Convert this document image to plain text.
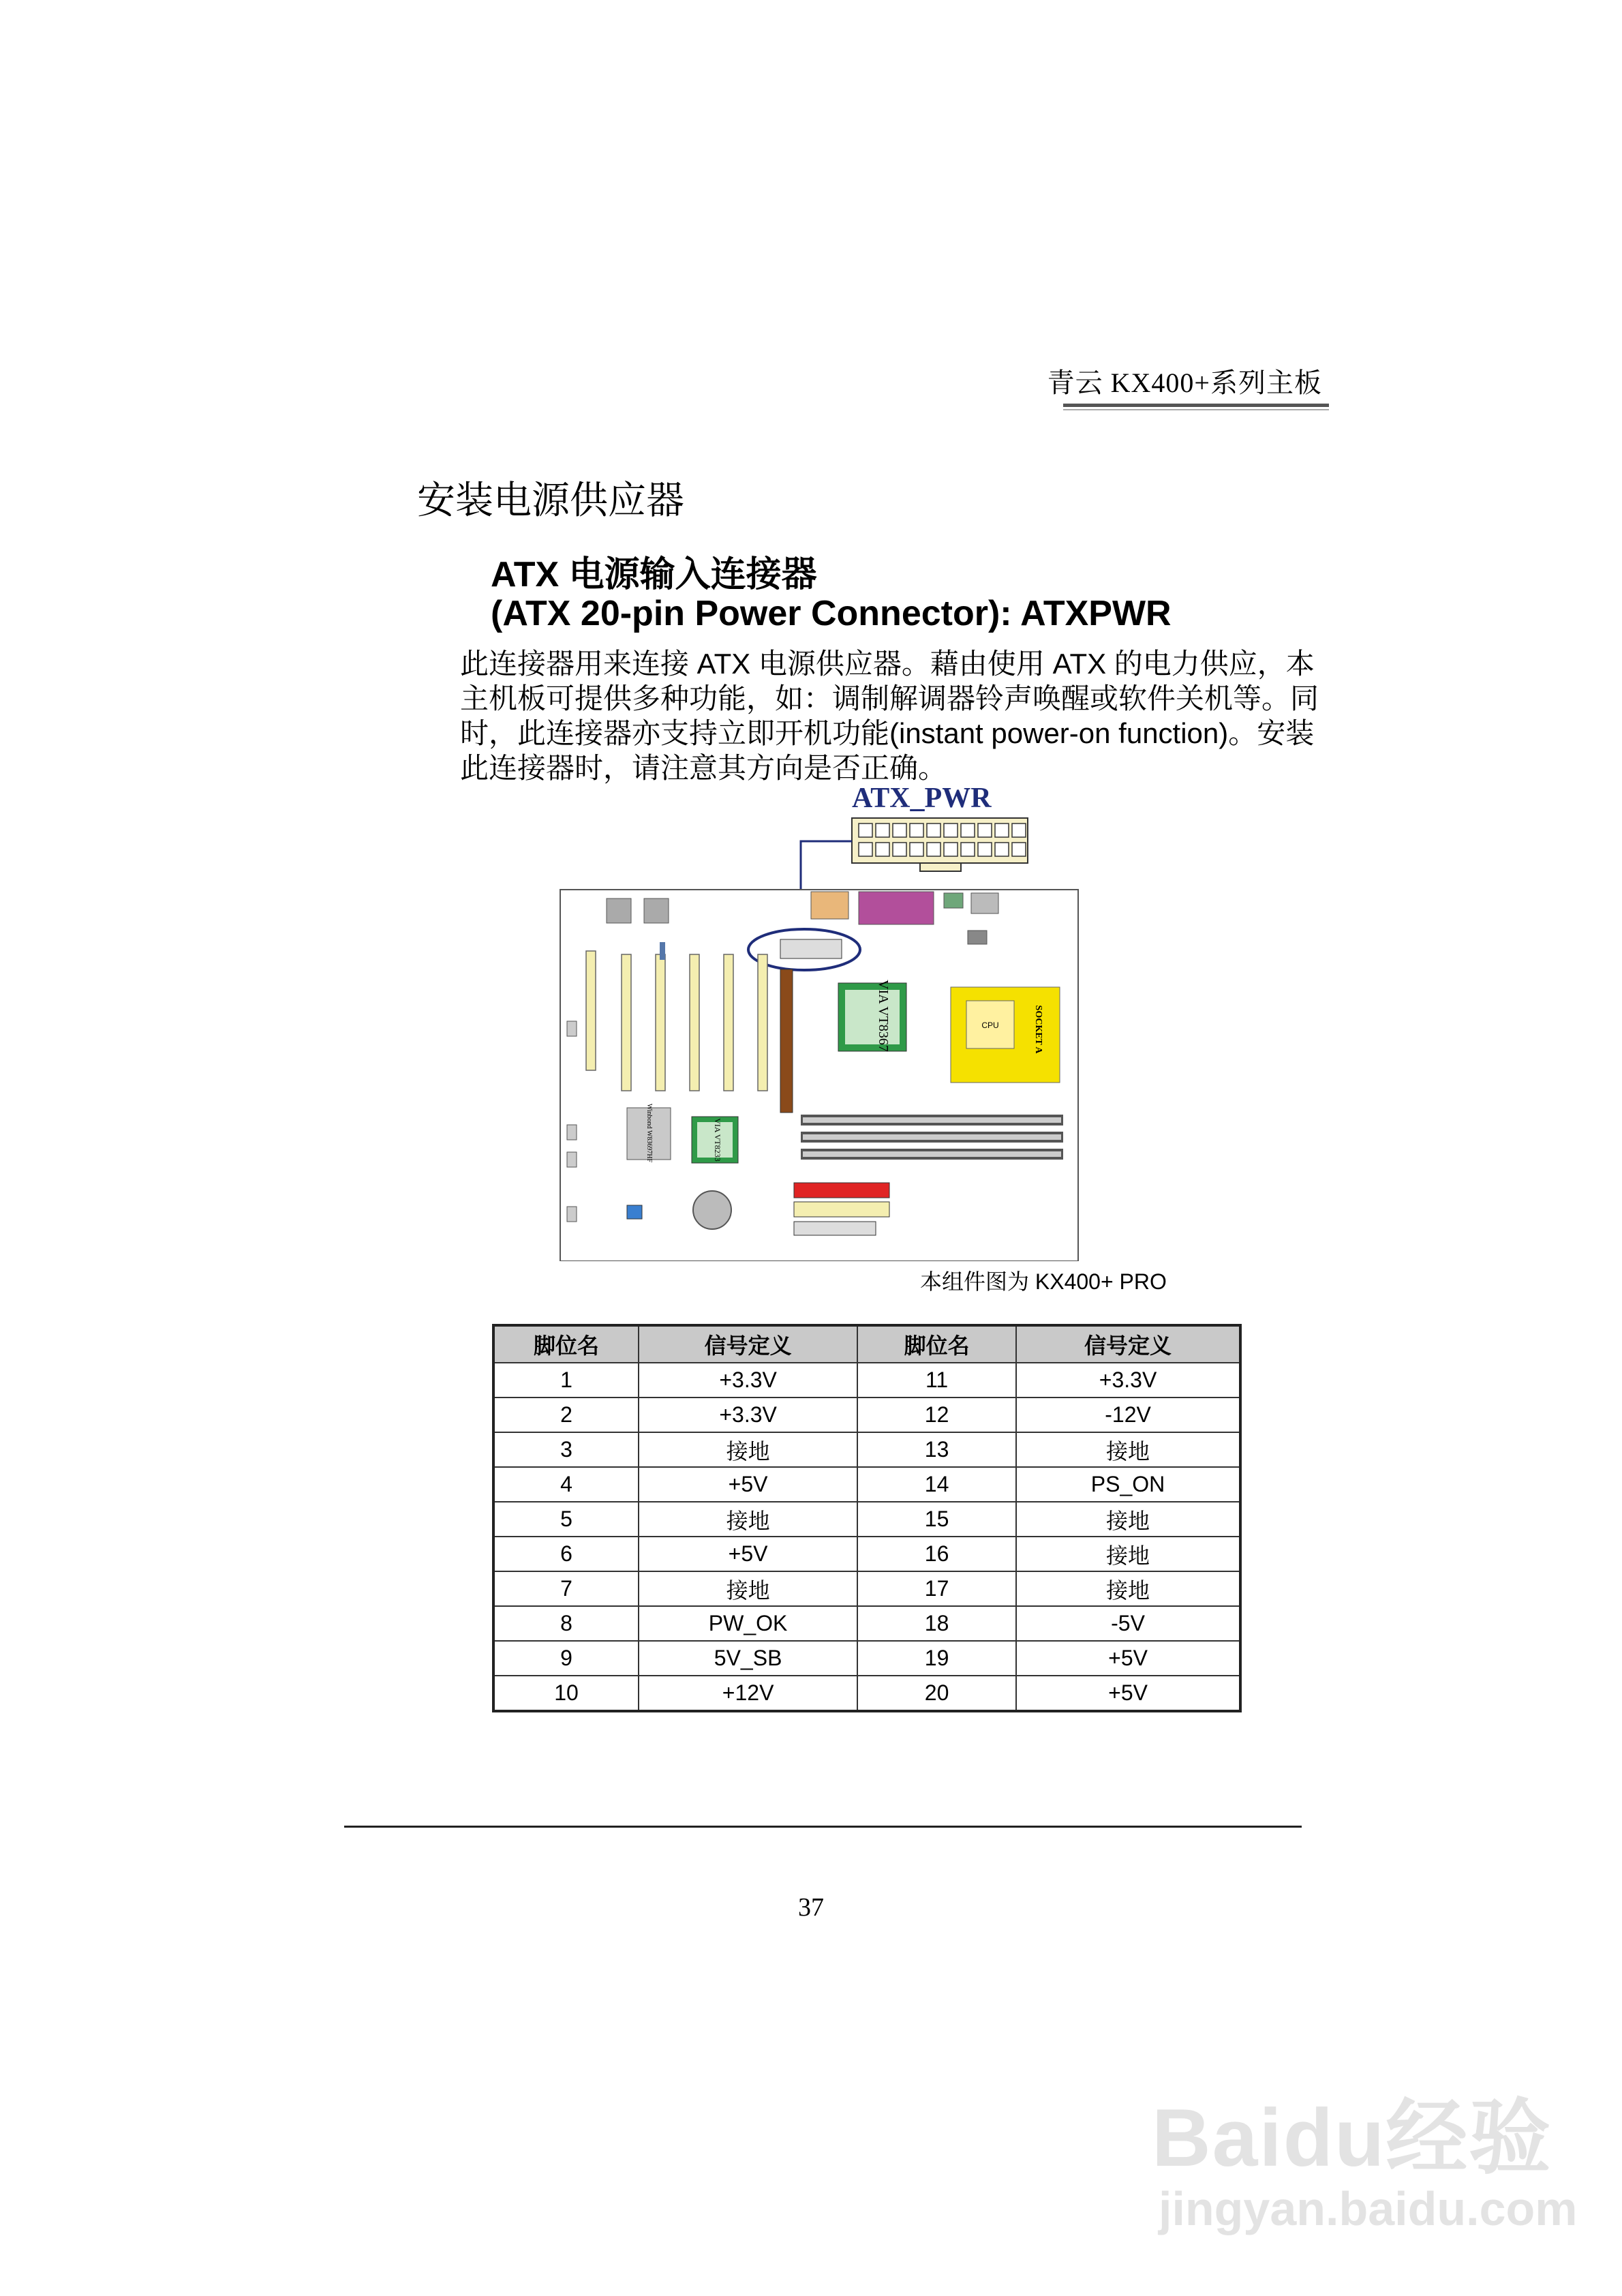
青云 KX400+系列主板
安装电源供应器
ATX 电源输入连接器
(ATX 20-pin Power Connector): ATXPWR
此连接器用来连接 ATX 电源供应器。藉由使用 ATX 的电力供应，本
主机板可提供多种功能，如：调制解调器铃声唤醒或软件关机等。同
时，此连接器亦支持立即开机功能(instant power-on function)。安装
此连接器时，请注意其方向是否正确。
ATX_PWR
VIA VT8367	CPU	SOCKET A
Winbond W83697HF	VIA VT8233
本组件图为 KX400+ PRO
脚位名	信号定义	脚位名	信号定义
1	+3.3V	11	+3.3V
2	+3.3V	12	-12V
3	接地	13	接地
4	+5V	14	PS_ON
5	接地	15	接地
6	+5V	16	接地
7	接地	17	接地
8	PW_OK	18	-5V
9	5V_SB	19	+5V
10	+12V	20	+5V
37
Baidu经验
jingyan.baidu.com
